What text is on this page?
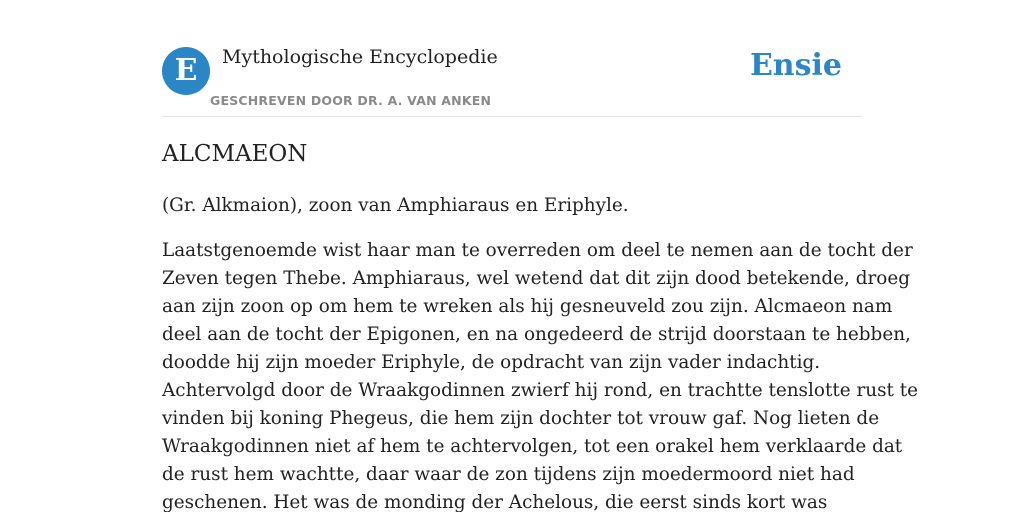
E	Mythologische Encyclopedie
GESCHREVEN DOOR DR. A. VAN ANKEN
Ensie
ALCMAEON

(Gr. Alkmaion), zoon van Amphiaraus en Eriphyle.

Laatstgenoemde wist haar man te overreden om deel te nemen aan de tocht der
Zeven tegen Thebe. Amphiaraus, wel wetend dat dit zijn dood betekende, droeg
aan zijn zoon op om hem te wreken als hij gesneuveld zou zijn. Alcmaeon nam
deel aan de tocht der Epigonen, en na ongedeerd de strijd doorstaan te hebben,
doodde hij zijn moeder Eriphyle, de opdracht van zijn vader indachtig.
Achtervolgd door de Wraakgodinnen zwierf hij rond, en trachtte tenslotte rust te
vinden bij koning Phegeus, die hem zijn dochter tot vrouw gaf. Nog lieten de
Wraakgodinnen niet af hem te achtervolgen, tot een orakel hem verklaarde dat
de rust hem wachtte, daar waar de zon tijdens zijn moedermoord niet had
geschenen. Het was de monding der Achelous, die eerst sinds kort was
